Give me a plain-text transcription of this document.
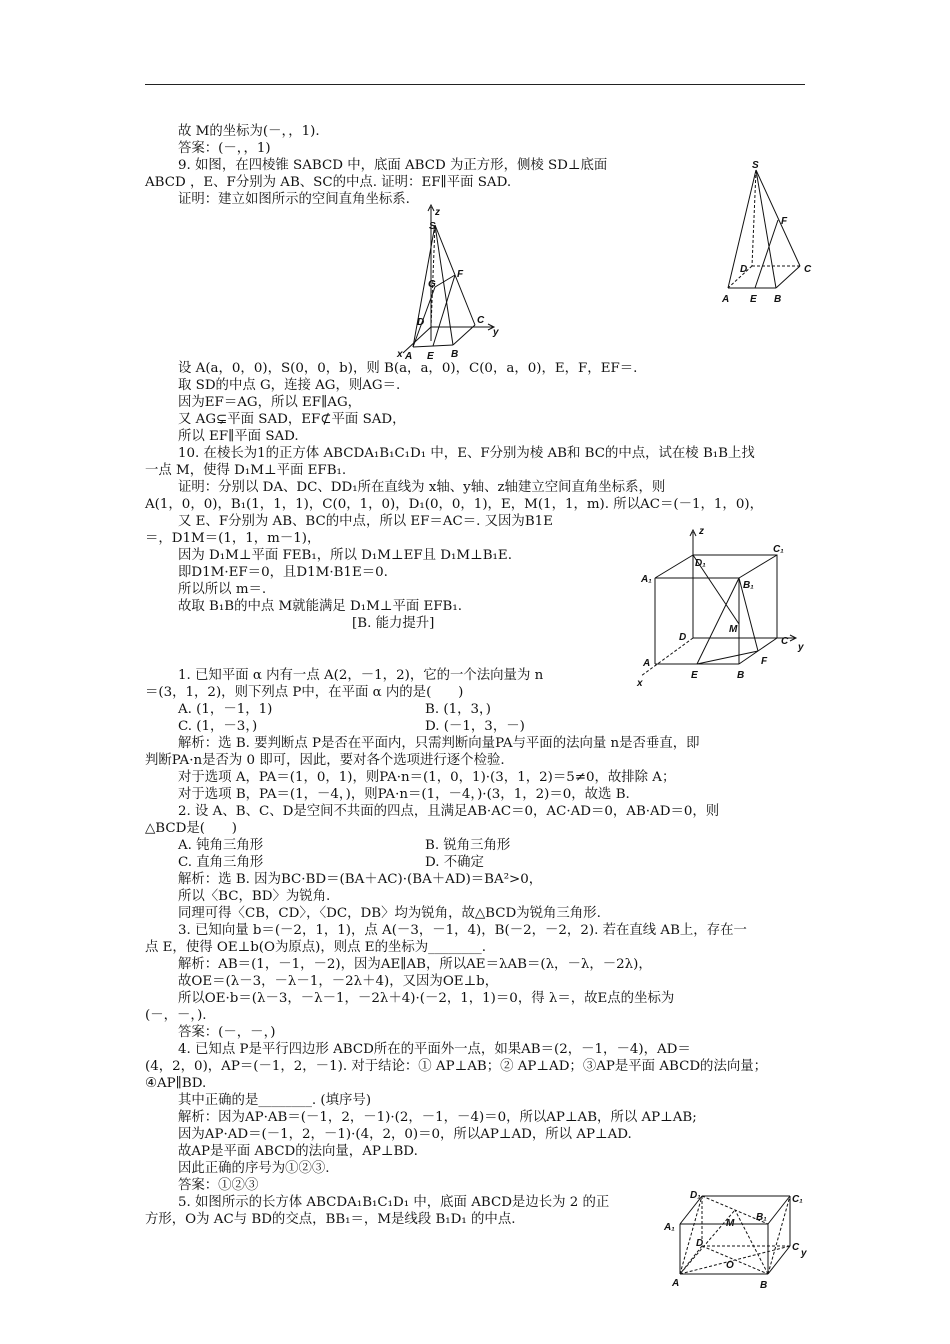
故 M的坐标为(－，，1).
答案：(－，，1)
9. 如图，在四棱锥 SABCD 中，底面 ABCD 为正方形，侧棱 SD⊥底面
ABCD ，E、F分别为 AB、SC的中点. 证明：EF∥平面 SAD.
证明：建立如图所示的空间直角坐标系.
设 A(a，0，0)，S(0，0，b)，则 B(a，a，0)，C(0，a，0)，E，F，EF＝.
取 SD的中点 G，连接 AG，则AG＝.
因为EF＝AG，所以 EF∥AG，
又 AG⊊平面 SAD，EF⊄平面 SAD，
所以 EF∥平面 SAD.
10. 在棱长为1的正方体 ABCDA₁B₁C₁D₁ 中，E、F分别为棱 AB和 BC的中点，试在棱 B₁B上找
一点 M，使得 D₁M⊥平面 EFB₁.
证明：分别以 DA、DC、DD₁所在直线为 x轴、y轴、z轴建立空间直角坐标系，则
A(1，0，0)，B₁(1，1，1)，C(0，1，0)，D₁(0，0，1)，E，M(1，1，m). 所以AC＝(－1，1，0)，
又 E、F分别为 AB、BC的中点，所以 EF＝AC＝. 又因为B1E
＝，D1M＝(1，1，m－1)，
因为 D₁M⊥平面 FEB₁，所以 D₁M⊥EF且 D₁M⊥B₁E.
即D1M·EF＝0，且D1M·B1E＝0.
所以所以 m＝.
故取 B₁B的中点 M就能满足 D₁M⊥平面 EFB₁.
[B. 能力提升]
1. 已知平面 α 内有一点 A(2，－1，2)，它的一个法向量为 n
＝(3，1，2)，则下列点 P中，在平面 α 内的是(　　)
A. (1，－1，1)	B. (1，3，)
C. (1，－3，)	D. (－1，3，－)
解析：选 B. 要判断点 P是否在平面内，只需判断向量PA与平面的法向量 n是否垂直，即
判断PA·n是否为 0 即可，因此，要对各个选项进行逐个检验.
对于选项 A，PA＝(1，0，1)，则PA·n＝(1，0，1)·(3，1，2)＝5≠0，故排除 A；
对于选项 B，PA＝(1，－4，)，则PA·n＝(1，－4，)·(3，1，2)＝0，故选 B.
2. 设 A、B、C、D是空间不共面的四点，且满足AB·AC＝0，AC·AD＝0，AB·AD＝0，则
△BCD是(　　)
A. 钝角三角形	B. 锐角三角形
C. 直角三角形	D. 不确定
解析：选 B. 因为BC·BD＝(BA＋AC)·(BA＋AD)＝BA²>0，
所以〈BC，BD〉为锐角.
同理可得〈CB，CD〉，〈DC，DB〉均为锐角，故△BCD为锐角三角形.
3. 已知向量 b＝(－2，1，1)，点 A(－3，－1，4)，B(－2，－2，2). 若在直线 AB上，存在一
点 E，使得 OE⊥b(O为原点)，则点 E的坐标为________.
解析：AB＝(1，－1，－2)，因为AE∥AB，所以AE＝λAB＝(λ，－λ，－2λ)，
故OE＝(λ－3，－λ－1，－2λ＋4)，又因为OE⊥b，
所以OE·b＝(λ－3，－λ－1，－2λ＋4)·(－2，1，1)＝0，得 λ＝，故E点的坐标为
(－，－，).
答案：(－，－，)
4. 已知点 P是平行四边形 ABCD所在的平面外一点，如果AB＝(2，－1，－4)，AD＝
(4，2，0)，AP＝(－1，2，－1). 对于结论：① AP⊥AB；② AP⊥AD；③AP是平面 ABCD的法向量；
④AP∥BD.
其中正确的是________. (填序号)
解析：因为AP·AB＝(－1，2，－1)·(2，－1，－4)＝0，所以AP⊥AB，所以 AP⊥AB;
因为AP·AD＝(－1，2，－1)·(4，2，0)＝0，所以AP⊥AD，所以 AP⊥AD.
故AP是平面 ABCD的法向量，AP⊥BD.
因此正确的序号为①②③.
答案：①②③
5. 如图所示的长方体 ABCDA₁B₁C₁D₁ 中，底面 ABCD是边长为 2 的正
方形，O为 AC与 BD的交点，BB₁＝，M是线段 B₁D₁ 的中点.
S
F
D	C
A E B
z
S
G
F
D	C
y
x A E B
z
D₁
C₁
A₁
B₁
M
D	C
y
A
E	B
F
x
D₁	C₁
A₁	M
B₁
D	C
O
A	B
y
